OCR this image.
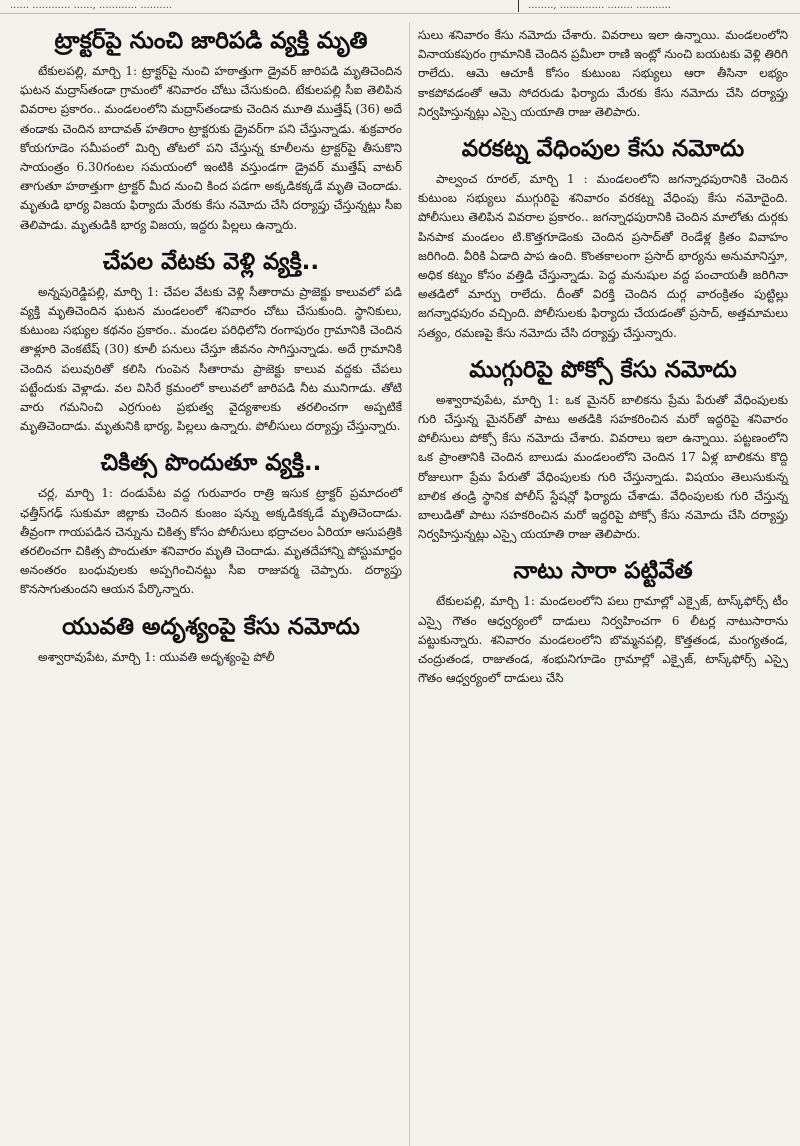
...... ............ ......, ............ ..........	........, .............. ........ ...........
ట్రాక్టర్‌పై నుంచి జారిపడి వ్యక్తి మృతి

టేకులపల్లి, మార్చి 1: ట్రాక్టర్‌పై నుంచి హఠాత్తుగా డ్రైవర్ జారిపడి మృతిచెందిన ఘటన మద్రాస్‌తండా గ్రామంలో శనివారం చోటు చేసుకుంది. టేకులపల్లి సీఐ తెలిపిన వివరాల ప్రకారం.. మండలంలోని మద్రాస్‌తండాకు చెందిన మూతి ముత్తేష్ (36) అదే తండాకు చెందిన బాదావత్ హతిరాం ట్రాక్టరుకు డ్రైవర్‌గా పని చేస్తున్నాడు. శుక్రవారం కోయగూడెం సమీపంలో మిర్చి తోటలో పని చేస్తున్న కూలీలను ట్రాక్టర్‌పై తీసుకొని సాయంత్రం 6.30గంటల సమయంలో ఇంటికి వస్తుండగా డ్రైవర్ ముత్తేష్ వాటర్ తాగుతూ హఠాత్తుగా ట్రాక్టర్ మీద నుంచి కింద పడగా అక్కడికక్కడే మృతి చెందాడు. మృతుడి భార్య విజయ ఫిర్యాదు మేరకు కేసు నమోదు చేసి దర్యాప్తు చేస్తున్నట్లు సీఐ తెలిపాడు. మృతుడికి భార్య విజయ, ఇద్దరు పిల్లలు ఉన్నారు.

చేపల వేటకు వెళ్లి వ్యక్తి..

అన్నపురెడ్డిపల్లి, మార్చి 1: చేపల వేటకు వెళ్లి సీతారామ ప్రాజెక్టు కాలువలో పడి వ్యక్తి మృతిచెందిన ఘటన మండలంలో శనివారం చోటు చేసుకుంది. స్థానికులు, కుటుంబ సభ్యుల కథనం ప్రకారం.. మండల పరిధిలోని రంగాపురం గ్రామానికి చెందిన తాళ్లూరి వెంకటేష్ (30) కూలీ పనులు చేస్తూ జీవనం సాగిస్తున్నాడు. అదే గ్రామానికి చెందిన పలువురితో కలిసి గుంపెన సీతారామ ప్రాజెక్టు కాలువ వద్దకు చేపలు పట్టేందుకు వెళ్లాడు. వల విసిరే క్రమంలో కాలువలో జారిపడి నీట మునిగాడు. తోటి వారు గమనించి ఎర్రగుంట ప్రభుత్వ వైద్యశాలకు తరలించగా అప్పటికే మృతిచెందాడు. మృతునికి భార్య, పిల్లలు ఉన్నారు. పోలీసులు దర్యాప్తు చేస్తున్నారు.

చికిత్స పొందుతూ వ్యక్తి..

చర్ల, మార్చి 1: దండుపేట వద్ద గురువారం రాత్రి ఇసుక ట్రాక్టర్ ప్రమాదంలో ఛత్తీస్‌గఢ్ సుకుమా జిల్లాకు చెందిన కుంజం షన్ను అక్కడికక్కడే మృతిచెందాడు. తీవ్రంగా గాయపడిన చెన్నును చికిత్స కోసం పోలీసులు భద్రాచలం ఏరియా ఆసుపత్రికి తరలించగా చికిత్స పొందుతూ శనివారం మృతి చెందాడు. మృతదేహాన్ని పోస్టుమార్టం అనంతరం బంధువులకు అప్పగించినట్టు సీఐ రాజువర్మ చెప్పారు. దర్యాప్తు కొనసాగుతుందని ఆయన పేర్కొన్నారు.

యువతి అదృశ్యంపై కేసు నమోదు

అశ్వారావుపేట, మార్చి 1: యువతి అదృశ్యంపై పోలీ

సులు శనివారం కేసు నమోదు చేశారు. వివరాలు ఇలా ఉన్నాయి. మండలంలోని వినాయకపురం గ్రామానికి చెందిన ప్రమీలా రాణి ఇంట్లో నుంచి బయటకు వెళ్లి తిరిగి రాలేదు. ఆమె ఆచూకీ కోసం కుటుంబ సభ్యులు ఆరా తీసినా లభ్యం కాకపోవడంతో ఆమె సోదరుడు ఫిర్యాదు మేరకు కేసు నమోదు చేసి దర్యాప్తు నిర్వహిస్తున్నట్లు ఎస్సై యయాతి రాజు తెలిపారు.

వరకట్న వేధింపుల కేసు నమోదు

పాల్వంచ రూరల్, మార్చి 1 : మండలంలోని జగన్నాధపురానికి చెందిన కుటుంబ సభ్యులు ముగ్గురిపై శనివారం వరకట్న వేధింపు కేసు నమోదైంది. పోలీసులు తెలిపిన వివరాల ప్రకారం.. జగన్నాధపురానికి చెందిన మాలోతు దుర్గకు పినపాక మండలం టి.కొత్తగూడెంకు చెందిన ప్రసాద్‌తో రెండేళ్ల క్రితం వివాహం జరిగింది. వీరికి ఏడాది పాప ఉంది. కొంతకాలంగా ప్రసాద్ భార్యను అనుమానిస్తూ, అధిక కట్నం కోసం వత్తిడి చేస్తున్నాడు. పెద్ద మనుషుల వద్ద పంచాయతీ జరిగినా అతడిలో మార్పు రాలేదు. దీంతో విరక్తి చెందిన దుర్గ వారంక్రితం పుట్టిల్లు జగన్నాధపురం వచ్చింది. పోలీసులకు ఫిర్యాదు చేయడంతో ప్రసాద్, అత్తమామలు సత్యం, రమణపై కేసు నమోదు చేసి దర్యాప్తు చేస్తున్నారు.

ముగ్గురిపై పోక్సో కేసు నమోదు

అశ్వారావుపేట, మార్చి 1: ఒక మైనర్ బాలికను ప్రేమ పేరుతో వేధింపులకు గురి చేస్తున్న మైనర్‌తో పాటు అతడికి సహకరించిన మరో ఇద్దరిపై శనివారం పోలీసులు పోక్సో కేసు నమోదు చేశారు. వివరాలు ఇలా ఉన్నాయి. పట్టణంలోని ఒక ప్రాంతానికి చెందిన బాలుడు మండలంలోని చెందిన 17 ఏళ్ల బాలికను కొద్ది రోజులుగా ప్రేమ పేరుతో వేధింపులకు గురి చేస్తున్నాడు. విషయం తెలుసుకున్న బాలిక తండ్రి స్థానిక పోలీస్ స్టేషన్లో ఫిర్యాదు చేశాడు. వేధింపులకు గురి చేస్తున్న బాలుడితో పాటు సహకరించిన మరో ఇద్దరిపై పోక్సో కేసు నమోదు చేసి దర్యాప్తు నిర్వహిస్తున్నట్లు ఎస్సై యయాతి రాజు తెలిపారు.

నాటు సారా పట్టివేత

టేకులపల్లి, మార్చి 1: మండలంలోని పలు గ్రామాల్లో ఎక్సైజ్, టాస్క్‌ఫోర్స్ టీం ఎస్సై గౌతం ఆధ్వర్యంలో దాడులు నిర్వహించగా 6 లీటర్ల నాటుసారాను పట్టుకున్నారు. శనివారం మండలంలోని బొమ్మనపల్లి, కొత్తతండ, మంగ్యతండ, చంద్రుతండ, రాజుతండ, శంభునిగూడెం గ్రామాల్లో ఎక్సైజ్, టాస్క్‌ఫోర్స్ ఎస్సై గౌతం ఆధ్వర్యంలో దాడులు చేసి
